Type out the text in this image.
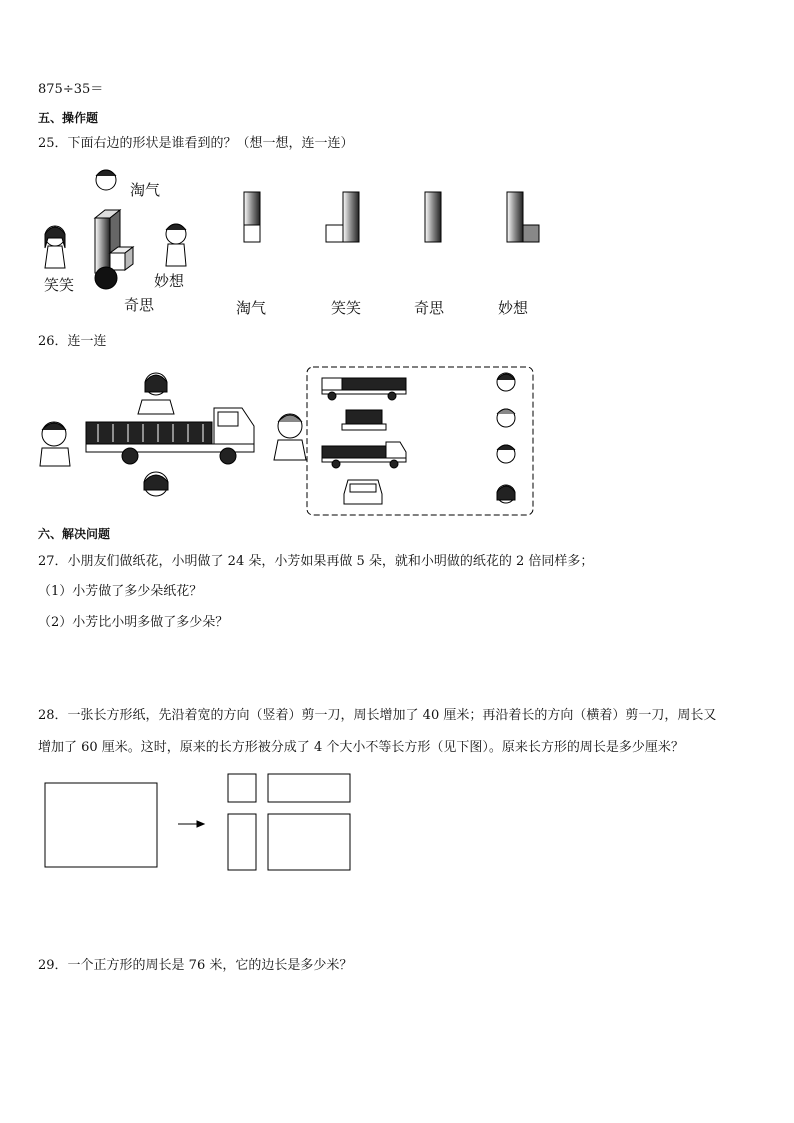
875÷35＝
五、操作题
25．下面右边的形状是谁看到的？（想一想，连一连）
淘气
笑笑	妙想
奇思	淘气	笑笑	奇思	妙想
26．连一连
六、解决问题
27．小朋友们做纸花，小明做了 24 朵，小芳如果再做 5 朵，就和小明做的纸花的 2 倍同样多；
（1）小芳做了多少朵纸花？
（2）小芳比小明多做了多少朵？
28．一张长方形纸，先沿着宽的方向（竖着）剪一刀，周长增加了 40 厘米；再沿着长的方向（横着）剪一刀，周长又
增加了 60 厘米。这时，原来的长方形被分成了 4 个大小不等长方形（见下图）。原来长方形的周长是多少厘米？
29．一个正方形的周长是 76 米，它的边长是多少米？
